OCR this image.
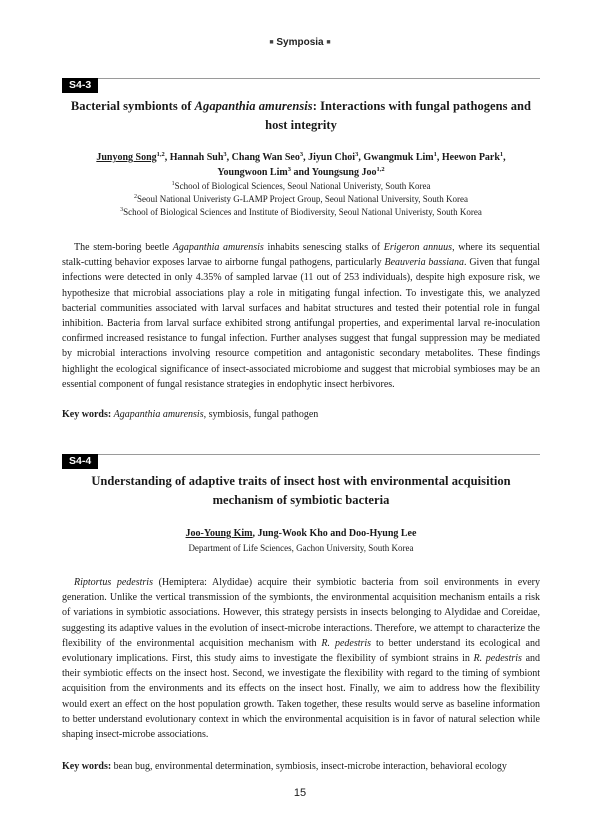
■ Symposia ■
S4-3
Bacterial symbionts of Agapanthia amurensis: Interactions with fungal pathogens and host integrity
Junyong Song$^{1,2}$, Hannah Suh$^3$, Chang Wan Seo$^3$, Jiyun Choi$^3$, Gwangmuk Lim$^1$, Heewon Park$^1$,
Youngwoon Lim$^3$ and Youngsung Joo$^{1,2}$
$^1$School of Biological Sciences, Seoul National Univeristy, South Korea
$^2$Seoul National Univeristy G-LAMP Project Group, Seoul National University, South Korea
$^3$School of Biological Sciences and Institute of Biodiversity, Seoul National Univeristy, South Korea

The stem-boring beetle Agapanthia amurensis inhabits senescing stalks of Erigeron annuus, where its sequential stalk-cutting behavior exposes larvae to airborne fungal pathogens, particularly Beauveria bassiana. Given that fungal infections were detected in only 4.35% of sampled larvae (11 out of 253 individuals), despite high exposure risk, we hypothesize that microbial associations play a role in mitigating fungal infection. To investigate this, we analyzed bacterial communities associated with larval surfaces and habitat structures and tested their potential role in fungal inhibition. Bacteria from larval surface exhibited strong antifungal properties, and experimental larval re-inoculation confirmed increased resistance to fungal infection. Further analyses suggest that fungal suppression may be mediated by microbial interactions involving resource competition and antagonistic secondary metabolites. These findings highlight the ecological significance of insect-associated microbiome and suggest that microbial symbioses may be an essential component of fungal resistance strategies in endophytic insect herbivores.

Key words: Agapanthia amurensis, symbiosis, fungal pathogen

S4-4
Understanding of adaptive traits of insect host with environmental acquisition mechanism of symbiotic bacteria
Joo-Young Kim, Jung-Wook Kho and Doo-Hyung Lee
Department of Life Sciences, Gachon University, South Korea

Riptortus pedestris (Hemiptera: Alydidae) acquire their symbiotic bacteria from soil environments in every generation. Unlike the vertical transmission of the symbionts, the environmental acquisition mechanism entails a risk of variations in symbiotic associations. However, this strategy persists in insects belonging to Alydidae and Coreidae, suggesting its adaptive values in the evolution of insect-microbe interactions. Therefore, we attempt to characterize the flexibility of the environmental acquisition mechanism with R. pedestris to better understand its ecological and evolutionary implications. First, this study aims to investigate the flexibility of symbiont strains in R. pedestris and their symbiotic effects on the insect host. Second, we investigate the flexibility with regard to the timing of symbiont acquisition from the environments and its effects on the insect host. Finally, we aim to address how the flexibility would exert an effect on the host population growth. Taken together, these results would serve as baseline information to better understand evolutionary context in which the environmental acquisition is in favor of natural selection while shaping insect-microbe associations.

Key words: bean bug, environmental determination, symbiosis, insect-microbe interaction, behavioral ecology

15
